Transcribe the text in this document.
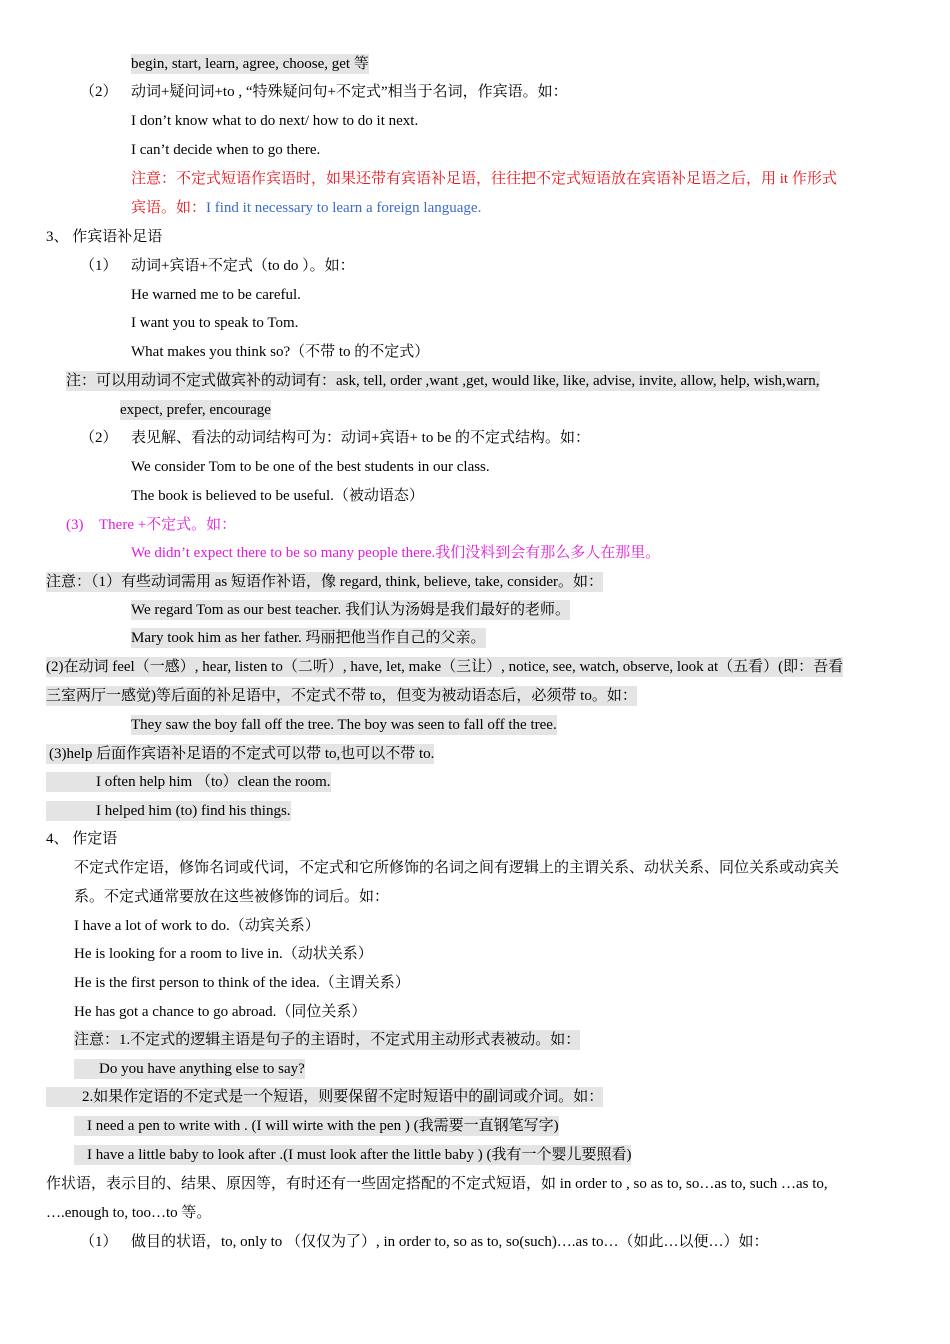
begin, start, learn, agree, choose, get 等
（2） 动词+疑问词+to , “特殊疑问句+不定式”相当于名词，作宾语。如：
I don’t know what to do next/ how to do it next.
I can’t decide when to go there.
注意：不定式短语作宾语时，如果还带有宾语补足语，往往把不定式短语放在宾语补足语之后，用 it 作形式
宾语。如：I find it necessary to learn a foreign language.
3、 作宾语补足语
（1） 动词+宾语+不定式（to do ）。如：
He warned me to be careful.
I want you to speak to Tom.
What makes you think so?（不带 to 的不定式）
注：可以用动词不定式做宾补的动词有：ask, tell, order ,want ,get, would like, like, advise, invite, allow, help, wish,warn,
expect, prefer, encourage
（2） 表见解、看法的动词结构可为：动词+宾语+ to be 的不定式结构。如：
We consider Tom to be one of the best students in our class.
The book is believed to be useful.（被动语态）
(3) There +不定式。如：
We didn’t expect there to be so many people there.我们没料到会有那么多人在那里。
注意：（1）有些动词需用 as 短语作补语，像 regard, think, believe, take, consider。如：
We regard Tom as our best teacher. 我们认为汤姆是我们最好的老师。
Mary took him as her father. 玛丽把他当作自己的父亲。
(2)在动词 feel（一感）, hear, listen to（二听）, have, let, make（三让）, notice, see, watch, observe, look at（五看）(即：吾看
三室两厅一感觉)等后面的补足语中，不定式不带 to，但变为被动语态后，必须带 to。如：
They saw the boy fall off the tree. The boy was seen to fall off the tree.
(3)help 后面作宾语补足语的不定式可以带 to,也可以不带 to.
I often help him （to）clean the room.
I helped him (to) find his things.
4、 作定语
不定式作定语，修饰名词或代词，不定式和它所修饰的名词之间有逻辑上的主谓关系、动状关系、同位关系或动宾关
系。不定式通常要放在这些被修饰的词后。如：
I have a lot of work to do.（动宾关系）
He is looking for a room to live in.（动状关系）
He is the first person to think of the idea.（主谓关系）
He has got a chance to go abroad.（同位关系）
注意：1.不定式的逻辑主语是句子的主语时，不定式用主动形式表被动。如：
Do you have anything else to say?
2.如果作定语的不定式是一个短语，则要保留不定时短语中的副词或介词。如：
I need a pen to write with . (I will wirte with the pen ) (我需要一直钢笔写字)
I have a little baby to look after .(I must look after the little baby ) (我有一个婴儿要照看)
作状语，表示目的、结果、原因等，有时还有一些固定搭配的不定式短语，如 in order to , so as to, so…as to, such …as to,
….enough to, too…to 等。
（1） 做目的状语，to, only to （仅仅为了）, in order to, so as to, so(such)….as to…（如此…以便…）如：
